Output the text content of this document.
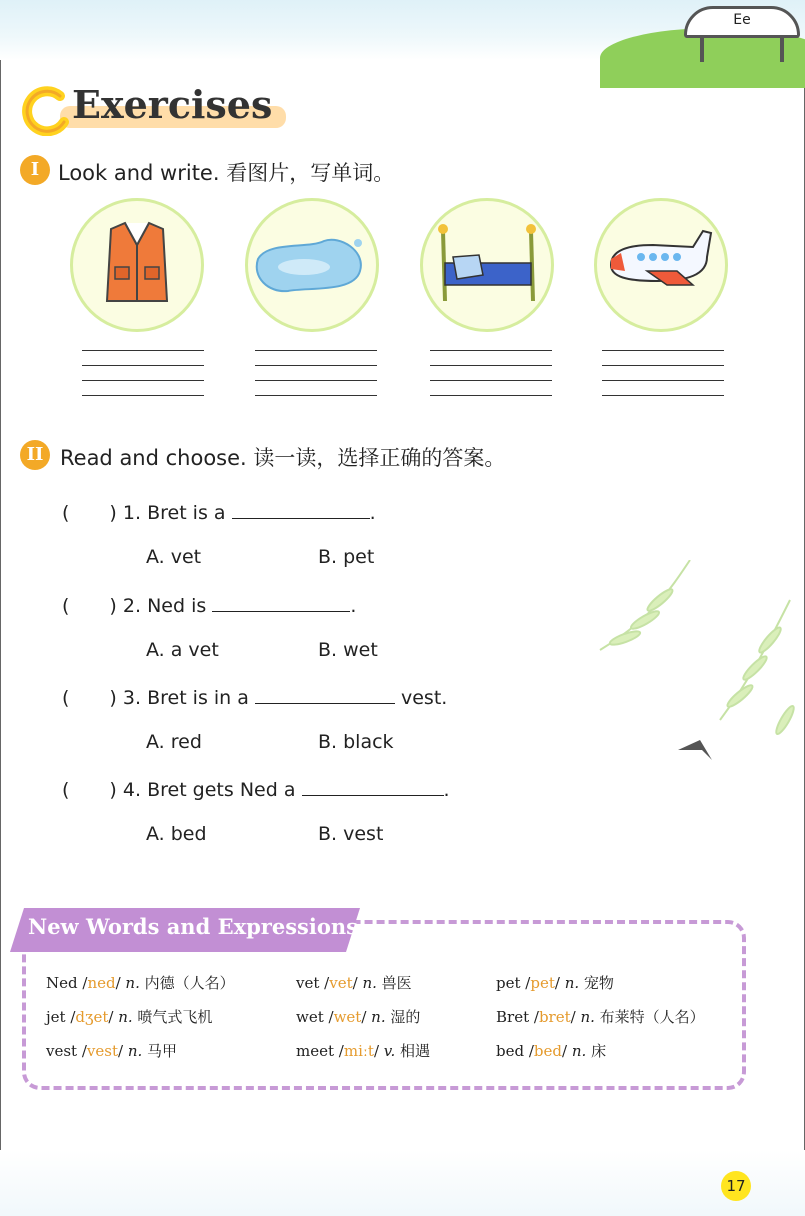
Ee
Exercises
I Look and write. 看图片，写单词。
II Read and choose. 读一读，选择正确的答案。
( ) 1. Bret is a	.
A. vet	B. pet
( ) 2. Ned is	.
A. a vet	B. wet
( ) 3. Bret is in a	vest.
A. red	B. black
( ) 4. Bret gets Ned a	.
A. bed	B. vest
New Words and Expressions
Ned /ned/ n. 内德（人名）	vet /vet/ n. 兽医	pet /pet/ n. 宠物
jet /dʒet/ n. 喷气式飞机	wet /wet/ n. 湿的	Bret /bret/ n. 布莱特（人名）
vest /vest/ n. 马甲	meet /miːt/ v. 相遇	bed /bed/ n. 床
17
